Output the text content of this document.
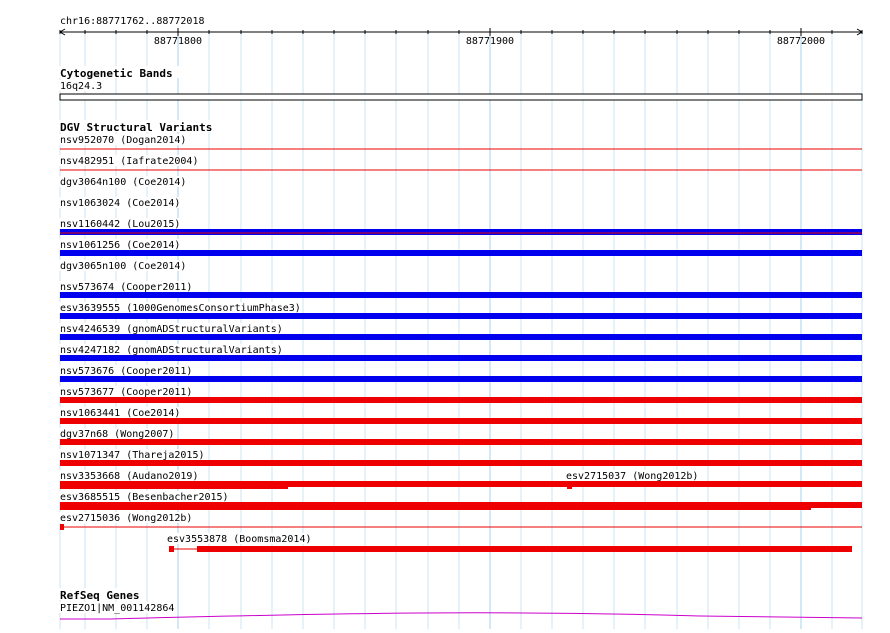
chr16:88771762..88772018
88771800	88771900	88772000
Cytogenetic Bands
16q24.3
DGV Structural Variants
nsv952070 (Dogan2014)
nsv482951 (Iafrate2004)
dgv3064n100 (Coe2014)
nsv1063024 (Coe2014)
nsv1160442 (Lou2015)
nsv1061256 (Coe2014)
dgv3065n100 (Coe2014)
nsv573674 (Cooper2011)
esv3639555 (1000GenomesConsortiumPhase3)
nsv4246539 (gnomADStructuralVariants)
nsv4247182 (gnomADStructuralVariants)
nsv573676 (Cooper2011)
nsv573677 (Cooper2011)
nsv1063441 (Coe2014)
dgv37n68 (Wong2007)
nsv1071347 (Thareja2015)
nsv3353668 (Audano2019)	esv2715037 (Wong2012b)
esv3685515 (Besenbacher2015)
esv2715036 (Wong2012b)
esv3553878 (Boomsma2014)
RefSeq Genes
PIEZO1|NM_001142864
